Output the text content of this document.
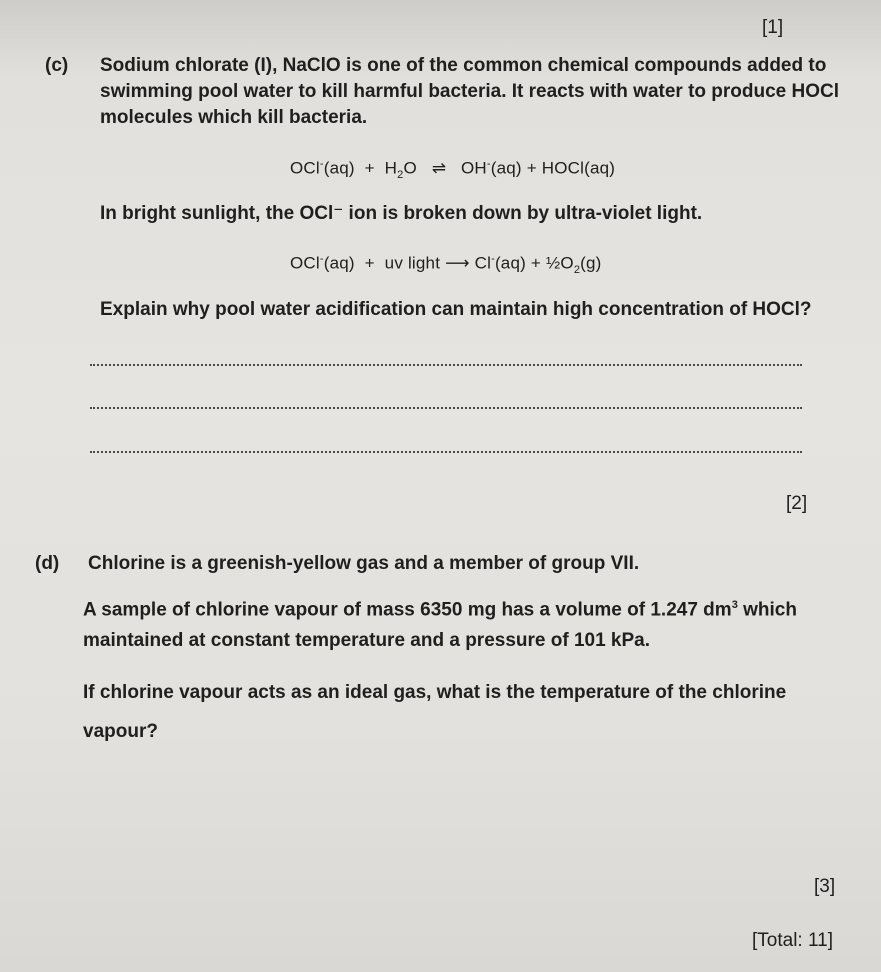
[1]
(c) Sodium chlorate (I), NaClO is one of the common chemical compounds added to
swimming pool water to kill harmful bacteria. It reacts with water to produce HOCl
molecules which kill bacteria.
$OCl^-(aq) + H_2O$ ⇌ OH-(aq) + HOCl(aq)
In bright sunlight, the OCl⁻ ion is broken down by ultra-violet light.
OCl-(aq) + uv light ⟶ $Cl^-(aq) + \frac{1}{2}O_2(g)$
Explain why pool water acidification can maintain high concentration of HOCl?
[2]
(d) Chlorine is a greenish-yellow gas and a member of group VII.
A sample of chlorine vapour of mass 6350 mg has a volume of 1.247 $dm^3$ which
maintained at constant temperature and a pressure of 101 kPa.
If chlorine vapour acts as an ideal gas, what is the temperature of the chlorine
vapour?
[3]
[Total: 11]
